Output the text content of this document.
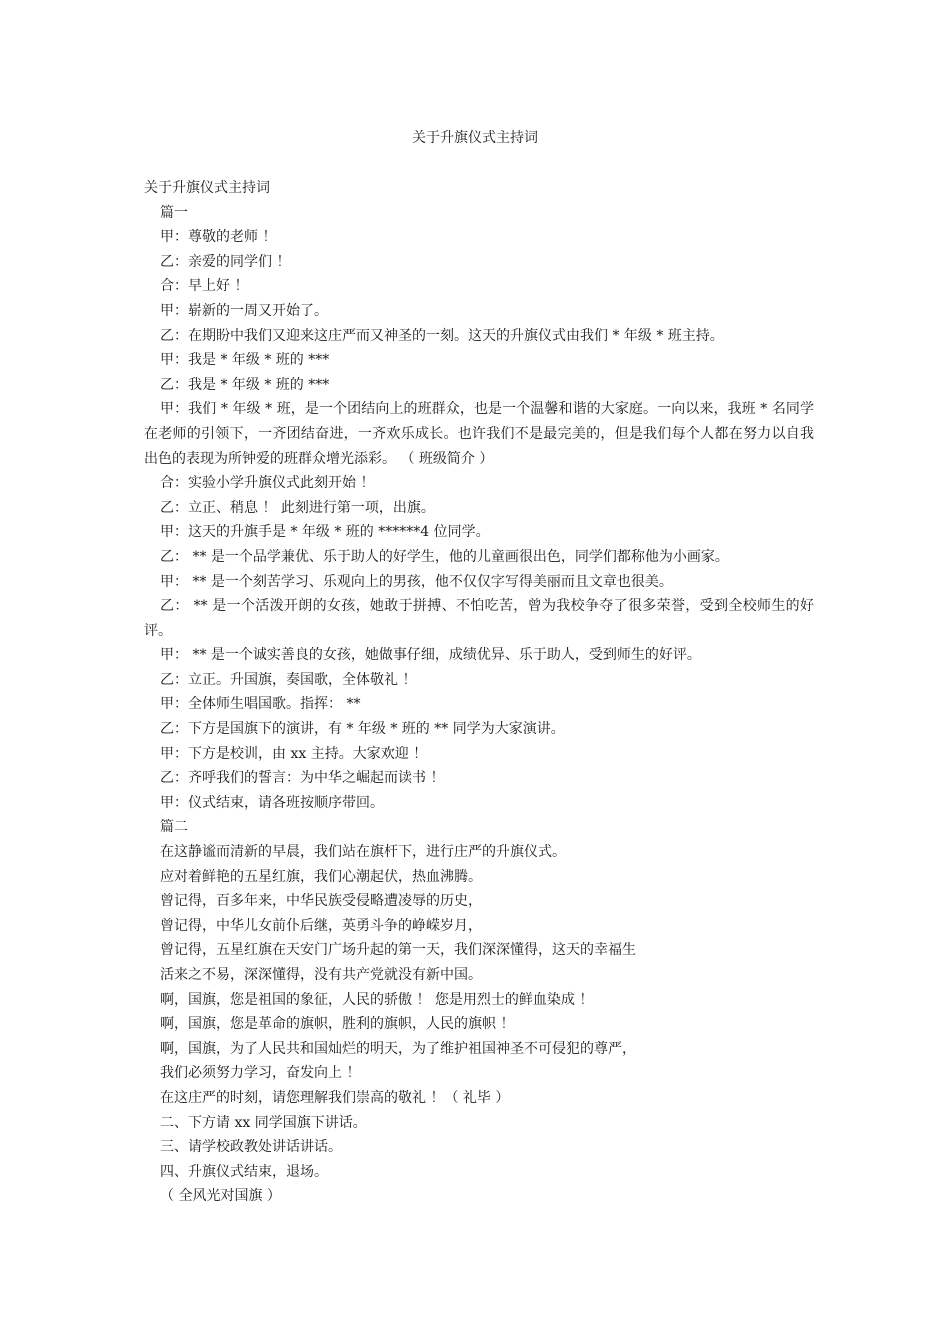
关于升旗仪式主持词

关于升旗仪式主持词

篇一

甲：尊敬的老师 ！

乙：亲爱的同学们 ！

合：早上好 ！

甲：崭新的一周又开始了。

乙：在期盼中我们又迎来这庄严而又神圣的一刻。这天的升旗仪式由我们 * 年级 * 班主持。

甲：我是 * 年级 * 班的 ***

乙：我是 * 年级 * 班的 ***

甲：我们 * 年级 * 班，是一个团结向上的班群众，也是一个温馨和谐的大家庭。一向以来，我班 * 名同学在老师的引领下，一齐团结奋进，一齐欢乐成长。也许我们不是最完美的，但是我们每个人都在努力以自我出色的表现为所钟爱的班群众增光添彩。 （ 班级简介 ）

合：实验小学升旗仪式此刻开始 ！

乙：立正、稍息 ！ 此刻进行第一项，出旗。

甲：这天的升旗手是 * 年级 * 班的 ******4 位同学。

乙： ** 是一个品学兼优、乐于助人的好学生，他的儿童画很出色，同学们都称他为小画家。

甲： ** 是一个刻苦学习、乐观向上的男孩，他不仅仅字写得美丽而且文章也很美。

乙： ** 是一个活泼开朗的女孩，她敢于拼搏、不怕吃苦，曾为我校争夺了很多荣誉，受到全校师生的好评。

甲： ** 是一个诚实善良的女孩，她做事仔细，成绩优异、乐于助人，受到师生的好评。

乙：立正。升国旗，奏国歌，全体敬礼 ！

甲：全体师生唱国歌。指挥： **

乙：下方是国旗下的演讲，有 * 年级 * 班的 ** 同学为大家演讲。

甲：下方是校训，由 xx 主持。大家欢迎 ！

乙：齐呼我们的誓言：为中华之崛起而读书 ！

甲：仪式结束，请各班按顺序带回。

篇二

在这静谧而清新的早晨，我们站在旗杆下，进行庄严的升旗仪式。

应对着鲜艳的五星红旗，我们心潮起伏，热血沸腾。

曾记得，百多年来，中华民族受侵略遭凌辱的历史，

曾记得，中华儿女前仆后继，英勇斗争的峥嵘岁月，

曾记得，五星红旗在天安门广场升起的第一天，我们深深懂得，这天的幸福生

活来之不易，深深懂得，没有共产党就没有新中国。

啊，国旗，您是祖国的象征，人民的骄傲 ！ 您是用烈士的鲜血染成 ！

啊，国旗，您是革命的旗帜，胜利的旗帜，人民的旗帜 ！

啊，国旗，为了人民共和国灿烂的明天，为了维护祖国神圣不可侵犯的尊严，

我们必须努力学习，奋发向上 ！

在这庄严的时刻，请您理解我们崇高的敬礼 ！（ 礼毕 ）

二、下方请 xx 同学国旗下讲话。

三、请学校政教处讲话讲话。

四、升旗仪式结束，退场。

（ 全风光对国旗 ）
